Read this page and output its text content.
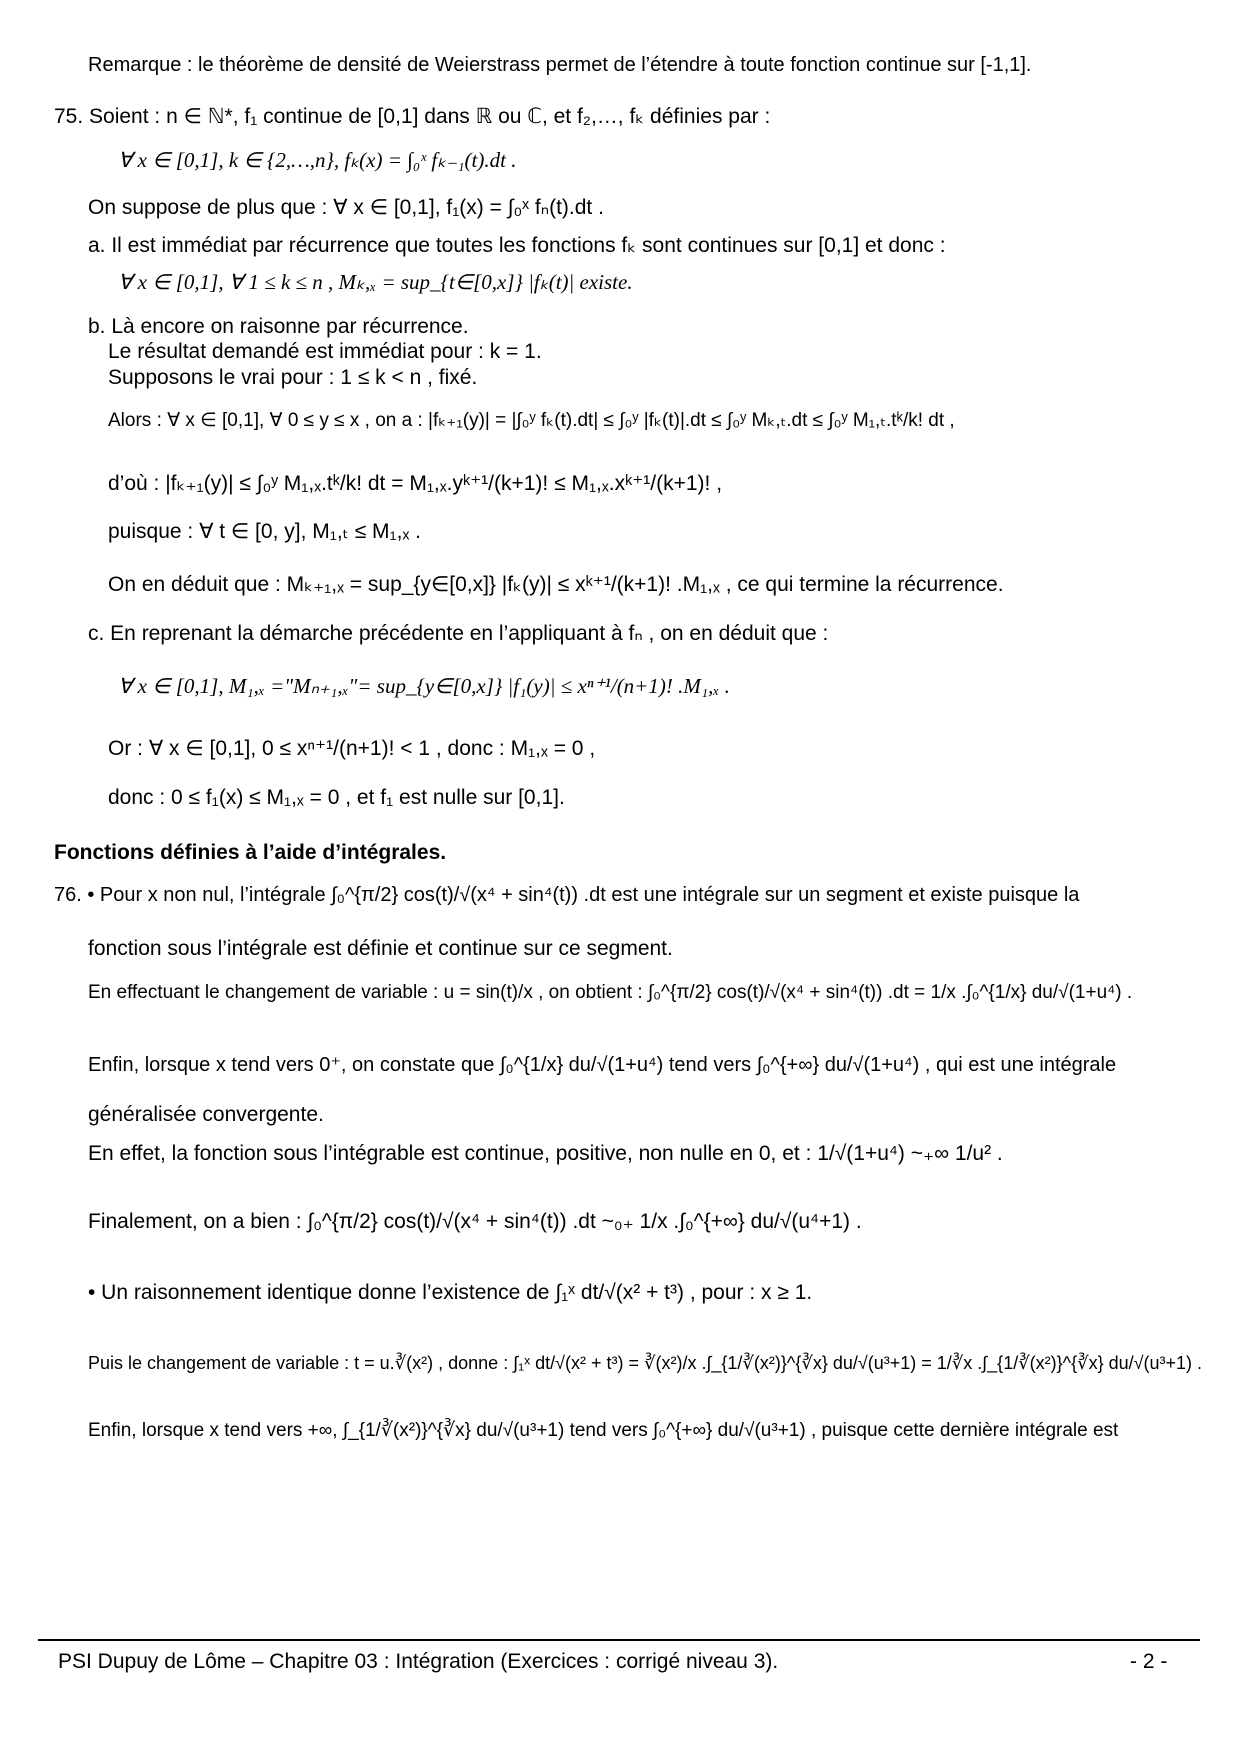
Remarque : le théorème de densité de Weierstrass permet de l’étendre à toute fonction continue sur [-1,1].
75. Soient : n ∈ ℕ*, f₁ continue de [0,1] dans ℝ ou ℂ, et f₂,…, fₖ définies par :
∀ x ∈ [0,1], k ∈ {2,…,n}, fₖ(x) = ∫₀ˣ fₖ₋₁(t).dt .
On suppose de plus que : ∀ x ∈ [0,1], f₁(x) = ∫₀ˣ fₙ(t).dt .
a. Il est immédiat par récurrence que toutes les fonctions fₖ sont continues sur [0,1] et donc :
∀ x ∈ [0,1], ∀ 1 ≤ k ≤ n , Mₖ,ₓ = sup_{t∈[0,x]} |fₖ(t)| existe.
b. Là encore on raisonne par récurrence.
Le résultat demandé est immédiat pour : k = 1.
Supposons le vrai pour : 1 ≤ k < n , fixé.
Alors : ∀ x ∈ [0,1], ∀ 0 ≤ y ≤ x , on a : |fₖ₊₁(y)| = |∫₀ʸ fₖ(t).dt| ≤ ∫₀ʸ |fₖ(t)|.dt ≤ ∫₀ʸ Mₖ,ₜ.dt ≤ ∫₀ʸ M₁,ₜ.tᵏ/k! dt ,
d’où : |fₖ₊₁(y)| ≤ ∫₀ʸ M₁,ₓ.tᵏ/k! dt = M₁,ₓ.yᵏ⁺¹/(k+1)! ≤ M₁,ₓ.xᵏ⁺¹/(k+1)! ,
puisque : ∀ t ∈ [0, y], M₁,ₜ ≤ M₁,ₓ .
On en déduit que : Mₖ₊₁,ₓ = sup_{y∈[0,x]} |fₖ(y)| ≤ xᵏ⁺¹/(k+1)! .M₁,ₓ , ce qui termine la récurrence.
c. En reprenant la démarche précédente en l’appliquant à fₙ , on en déduit que :
∀ x ∈ [0,1], M₁,ₓ ="Mₙ₊₁,ₓ"= sup_{y∈[0,x]} |f₁(y)| ≤ xⁿ⁺¹/(n+1)! .M₁,ₓ .
Or : ∀ x ∈ [0,1], 0 ≤ xⁿ⁺¹/(n+1)! < 1 , donc : M₁,ₓ = 0 ,
donc : 0 ≤ f₁(x) ≤ M₁,ₓ = 0 , et f₁ est nulle sur [0,1].
Fonctions définies à l’aide d’intégrales.
76. • Pour x non nul, l’intégrale ∫₀^{π/2} cos(t)/√(x⁴ + sin⁴(t)) .dt est une intégrale sur un segment et existe puisque la
fonction sous l’intégrale est définie et continue sur ce segment.
En effectuant le changement de variable : u = sin(t)/x , on obtient : ∫₀^{π/2} cos(t)/√(x⁴ + sin⁴(t)) .dt = 1/x .∫₀^{1/x} du/√(1+u⁴) .
Enfin, lorsque x tend vers 0⁺, on constate que ∫₀^{1/x} du/√(1+u⁴) tend vers ∫₀^{+∞} du/√(1+u⁴) , qui est une intégrale
généralisée convergente.
En effet, la fonction sous l’intégrable est continue, positive, non nulle en 0, et : 1/√(1+u⁴) ~₊∞ 1/u² .
Finalement, on a bien : ∫₀^{π/2} cos(t)/√(x⁴ + sin⁴(t)) .dt ~₀₊ 1/x .∫₀^{+∞} du/√(u⁴+1) .
• Un raisonnement identique donne l’existence de ∫₁ˣ dt/√(x² + t³) , pour : x ≥ 1.
Puis le changement de variable : t = u.∛(x²) , donne : ∫₁ˣ dt/√(x² + t³) = ∛(x²)/x .∫_{1/∛(x²)}^{∛x} du/√(u³+1) = 1/∛x .∫_{1/∛(x²)}^{∛x} du/√(u³+1) .
Enfin, lorsque x tend vers +∞, ∫_{1/∛(x²)}^{∛x} du/√(u³+1) tend vers ∫₀^{+∞} du/√(u³+1) , puisque cette dernière intégrale est
PSI Dupuy de Lôme – Chapitre 03 : Intégration (Exercices : corrigé niveau 3).	- 2 -
